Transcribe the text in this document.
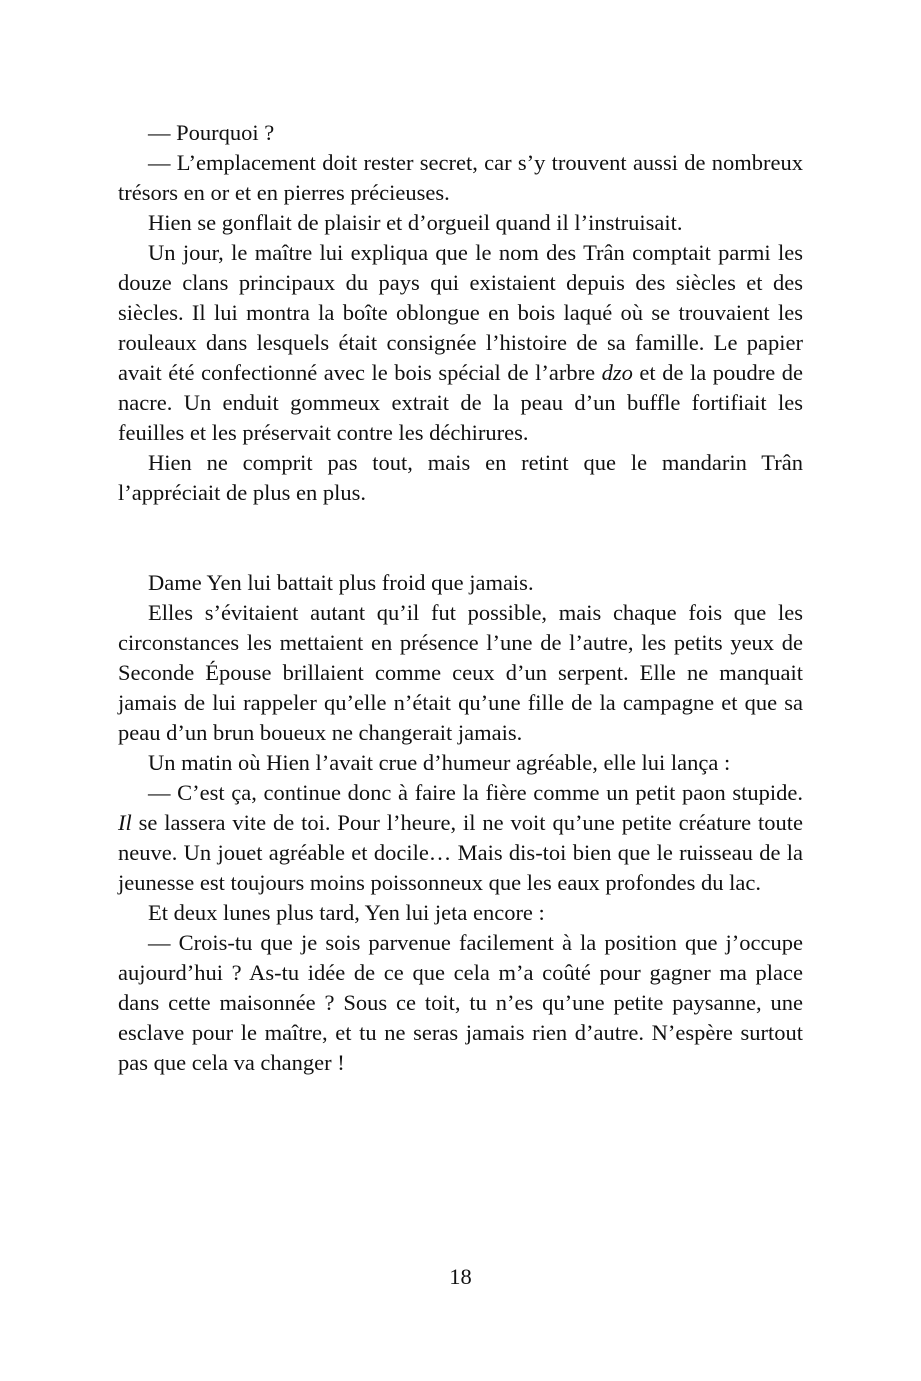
— Pourquoi ?

— L’emplacement doit rester secret, car s’y trouvent aussi de nombreux trésors en or et en pierres précieuses.

Hien se gonflait de plaisir et d’orgueil quand il l’instruisait.

Un jour, le maître lui expliqua que le nom des Trân comptait parmi les douze clans principaux du pays qui existaient depuis des siècles et des siècles. Il lui montra la boîte oblongue en bois laqué où se trouvaient les rouleaux dans lesquels était consignée l’histoire de sa famille. Le papier avait été confectionné avec le bois spécial de l’arbre dzo et de la poudre de nacre. Un enduit gommeux extrait de la peau d’un buffle fortifiait les feuilles et les préservait contre les déchirures.

Hien ne comprit pas tout, mais en retint que le mandarin Trân l’appréciait de plus en plus.

Dame Yen lui battait plus froid que jamais.

Elles s’évitaient autant qu’il fut possible, mais chaque fois que les circonstances les mettaient en présence l’une de l’autre, les petits yeux de Seconde Épouse brillaient comme ceux d’un serpent. Elle ne manquait jamais de lui rappeler qu’elle n’était qu’une fille de la campagne et que sa peau d’un brun boueux ne changerait jamais.

Un matin où Hien l’avait crue d’humeur agréable, elle lui lança :

— C’est ça, continue donc à faire la fière comme un petit paon stupide. Il se lassera vite de toi. Pour l’heure, il ne voit qu’une petite créature toute neuve. Un jouet agréable et docile… Mais dis-toi bien que le ruisseau de la jeunesse est toujours moins poissonneux que les eaux profondes du lac.

Et deux lunes plus tard, Yen lui jeta encore :

— Crois-tu que je sois parvenue facilement à la position que j’occupe aujourd’hui ? As-tu idée de ce que cela m’a coûté pour gagner ma place dans cette maisonnée ? Sous ce toit, tu n’es qu’une petite paysanne, une esclave pour le maître, et tu ne seras jamais rien d’autre. N’espère surtout pas que cela va changer !

18
